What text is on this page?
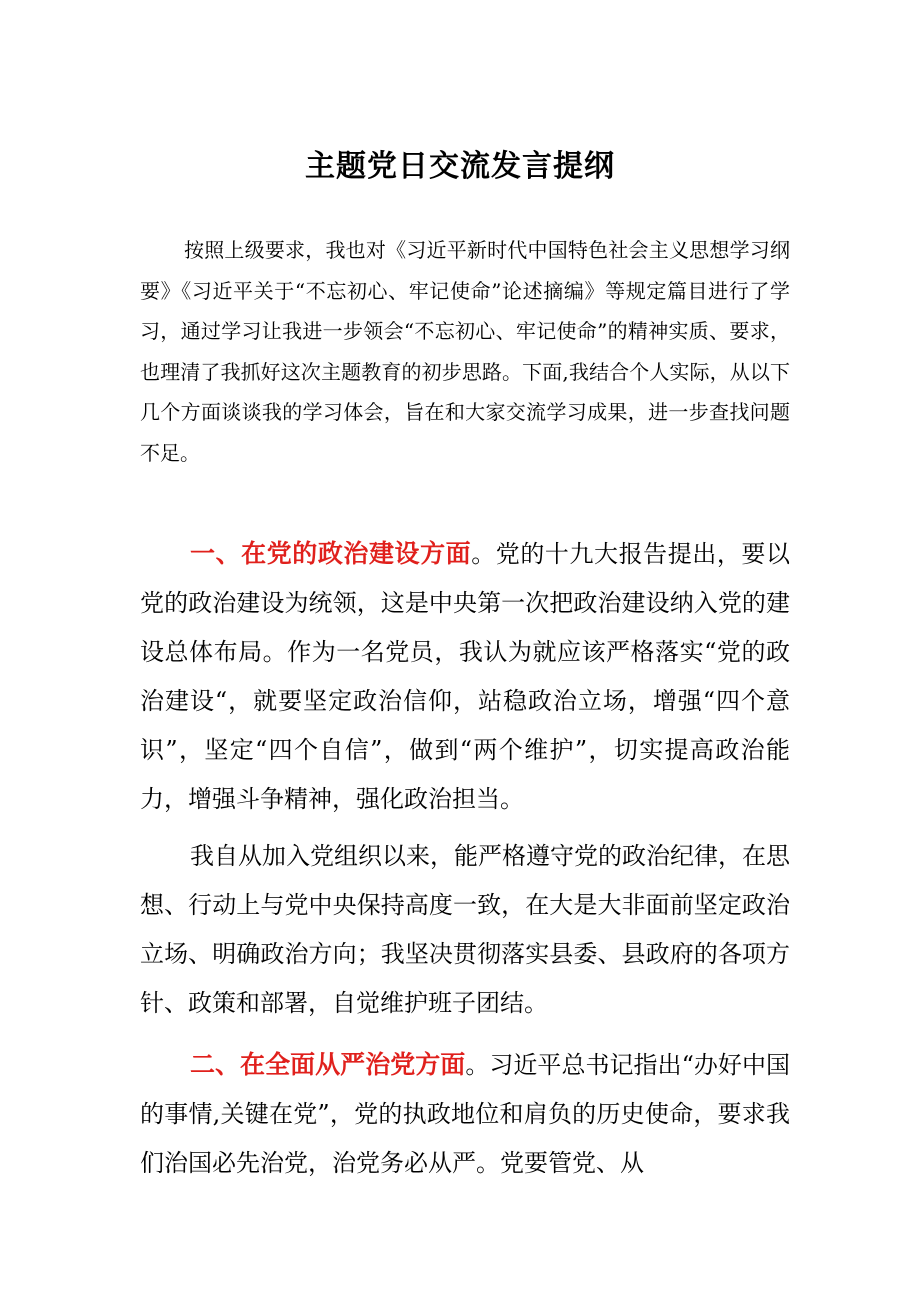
主题党日交流发言提纲

按照上级要求，我也对《习近平新时代中国特色社会主义思想学习纲要》《习近平关于“不忘初心、牢记使命”论述摘编》等规定篇目进行了学习，通过学习让我进一步领会“不忘初心、牢记使命”的精神实质、要求，也理清了我抓好这次主题教育的初步思路。下面,我结合个人实际，从以下几个方面谈谈我的学习体会，旨在和大家交流学习成果，进一步查找问题不足。

一、在党的政治建设方面。党的十九大报告提出，要以党的政治建设为统领，这是中央第一次把政治建设纳入党的建设总体布局。作为一名党员，我认为就应该严格落实“党的政治建设“，就要坚定政治信仰，站稳政治立场，增强“四个意识”，坚定“四个自信”，做到“两个维护”，切实提高政治能力，增强斗争精神，强化政治担当。

我自从加入党组织以来，能严格遵守党的政治纪律，在思想、行动上与党中央保持高度一致，在大是大非面前坚定政治立场、明确政治方向；我坚决贯彻落实县委、县政府的各项方针、政策和部署，自觉维护班子团结。

二、在全面从严治党方面。习近平总书记指出“办好中国的事情,关键在党”，党的执政地位和肩负的历史使命，要求我们治国必先治党，治党务必从严。党要管党、从
